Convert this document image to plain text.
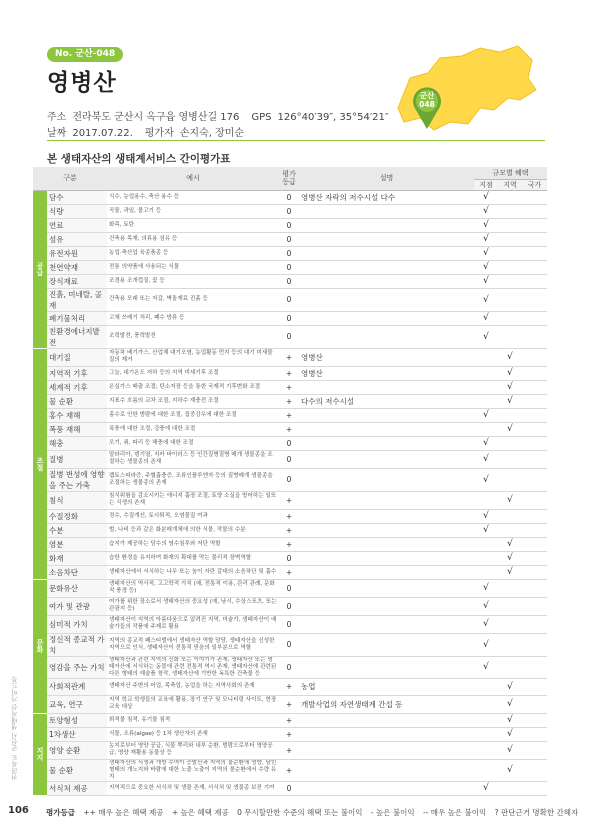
No. 군산-048
영병산	군산
048
주소 전라북도 군산시 옥구읍 영병산길 176 GPS 126°40′39″, 35°54′21″
날짜 2017.07.22. 평가자 손지숙, 장미순
본 생태자산의 생태계서비스 간이평가표
구분		예시	평가
등급	설명	규모별 혜택		
					지점	지역	국가
공급	담수	식수, 농업용수, 축산 용수 등	0	영병산 자락의 저수시설 다수	√		
	식량	곡물, 과일, 물고기 등	0		√		
	연료	화목, 토탄	0		√		
	섬유	건축용 목재, 의류용 섬유 등	0		√		
	유전자원	농업·축산업 육종품종 등	0		√		
	천연약재	전통 의약품에 사용되는 식물	0		√		
	장식재료	조경용 조개껍질, 꽃 등	0		√		
	진흙, 미네랄, 골재	건축용 모래 또는 자갈, 벽돌재료 진흙 등	0		√		
	폐기물처리	고체 쓰레기 처리, 폐수 방류 등	0		√		
	친환경에너지발전	조력발전, 풍력발전	0		√		
조절	대기질	자동차 배기가스, 산업체 대기오염, 농업활동 먼지 등의 대기 미세물질의 제거	+	영병산		√	
	지역적 기후	그늘, 대기온도 저하 등의 지역 미세기후 조절	+	영병산		√	
	세계적 기후	온실가스 배출 조절; 탄소저장 등을 통한 국제적 기후변화 조절	+			√	
	물 순환	지표수 흐름의 교차 조절, 지하수 재충전 조절	+	다수의 저수시설		√	
	홍수 재해	홍수로 인한 범람에 대한 조절, 집중강우에 대한 조절	+		√		
	폭풍 재해	폭풍에 대한 조절, 강풍에 대한 조절	+			√	
	해충	모기, 쥐, 파리 등 해충에 대한 조절	0		√		
	질병	말라리아, 뎅기열, 지카 바이러스 등 인간질병질병 매개 생물종을 조절하는 생물종의 존재	0		√		
	질병 번성에 영향을 주는 가축	렙토스피라증, 주혈흡충증, 조류인플루엔자 등의 질병매개 생물종을 조절하는 생물종의 존재	0		√		
	침식	침식위험을 감소시키는 에너지 흡장 조절, 토양 소실을 방어하는 일또는 식생의 존재	+			√	
	수질정화	정수, 수질개선, 토사퇴적, 오염물질 여과	+		√		
	수분	벌, 나비 등과 같은 화분매개체에 의한 식물, 작물의 수분	+		√		
	염분	습지가 제공하는 담수의 염수침투와 저단 역할	+			√	
	화재	습한 환경을 유지하여 화재의 확대를 막는 물리적 장벽역할	0			√	
	소음차단	생태자산에서 서식하는 나무 또는 높이 자란 갈대의 소음차단 및 흡수	+			√	
문화	문화유산	생태자산의 역사적, 고고학적 가치 (예, 전통적 이용, 관리 관례, 문화적 풍경 등)	0		√		
	여가 및 관광	여가를 위한 장소로서 생태자산의 중요성 (예, 낚시, 수상스포츠, 또는 관광지 등)	0		√		
	심미적 가치	생태자산이 지역의 아름다움으로 알려진 지역, 미술가, 생태자산이 예술가들의 작품에 주제로 활용	0		√		
	정신적 종교적 가치	지역의 종교적 페스티벌에서 생태자산 역할 담당, 생태자산을 신성한 지역으로 인식, 생태자산이 전통적 믿음의 일부분으로 역할	0		√		
	영감을 주는 가치	생태자산과 관련 지역의 신화 또는 이야기가 존재, 생태자산 또는 생태자산에 서식하는 동물에 관련 전통적 역시 존재, 생태자산에 관련된 다른 형태의 예술품 창작, 생태자산에 기반한 독특한 건축물 등	0		√		
	사회적관계	생태자산 주변의 어업, 목축업, 농업을 하는 지역사회의 존재	+	농업		√	
	교육, 연구	지역 학교 학생들의 교육에 활용, 장기 연구 및 모니터링 사이트, 현장교육 대상	+	개발사업의 자연생태계 간섭 등		√	
지지	토양형성	퇴적물 침적, 유기물 침적	+			√	
	1차생산	식물, 조류(algae) 등 1차 생산자의 존재	+			√	
	영양 순환	농지로부터 영양 공급, 식물 뿌리와 내부 순환, 범람으로부터 영양공급, 영양 재활용 동물상 등	+			√	
	물 순환	생태자산의 식생과 개방 수역이 증발산과 지역의 물순환에 영향, 담힌 형태의 개노지와 바람에 대한 노출 노출이 지역의 물순환에서 수량 유지	+			√	
	서식처 제공	지역적으로 중요한 서식처 및 생물 존재, 서식처 및 생물종 보전 기여	0		√		
전라북도 군산시 생태자산 가이드북
106 평가등급 ++ 매우 높은 혜택 제공 + 높은 혜택 제공 0 무시할만한 수준의 혜택 또는 불이익 - 높은 불이익 -- 매우 높은 불이익 ? 판단근거 명확한 간헤자
